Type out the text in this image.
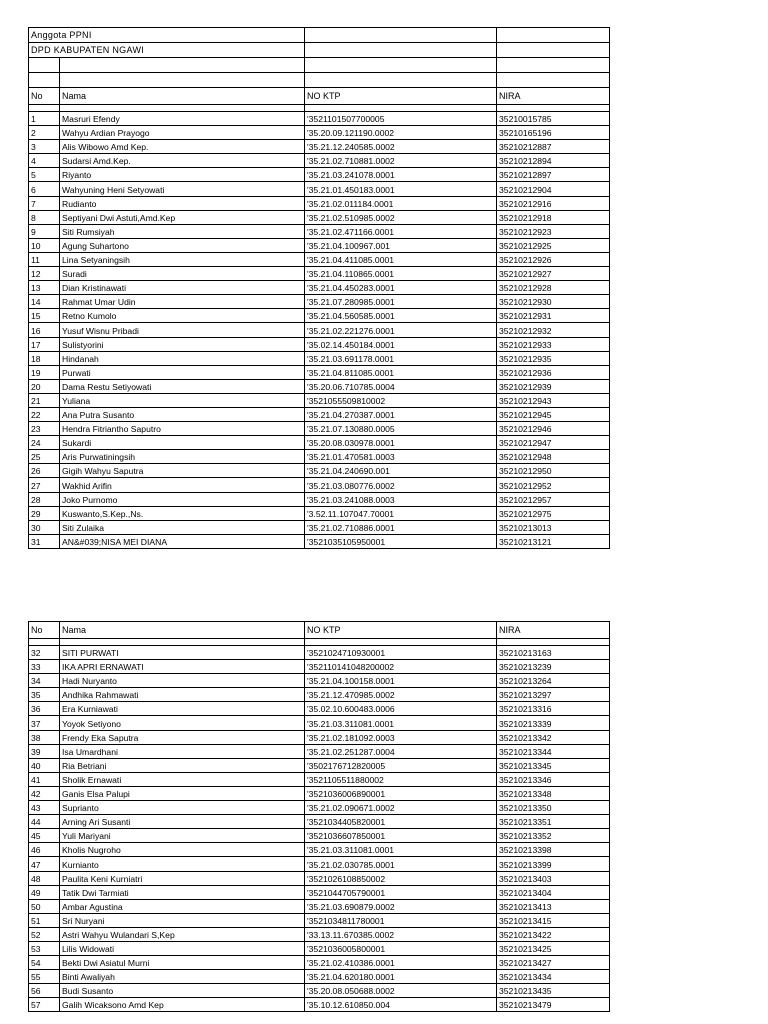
Anggota PPNI			
DPD KABUPATEN NGAWI			

No	Nama	NO KTP	NIRA

1	Masruri Efendy	'3521101507700005	35210015785
2	Wahyu Ardian Prayogo	'35.20.09.121190.0002	35210165196
3	Alis Wibowo Amd Kep.	'35.21.12.240585.0002	35210212887
4	Sudarsi Amd.Kep.	'35.21.02.710881.0002	35210212894
5	Riyanto	'35.21.03.241078.0001	35210212897
6	Wahyuning Heni Setyowati	'35.21.01.450183.0001	35210212904
7	Rudianto	'35.21.02.011184.0001	35210212916
8	Septiyani Dwi Astuti,Amd.Kep	'35.21.02.510985.0002	35210212918
9	Siti Rumsiyah	'35.21.02.471166.0001	35210212923
10	Agung Suhartono	'35.21.04.100967.001	35210212925
11	Lina Setyaningsih	'35.21.04.411085.0001	35210212926
12	Suradi	'35.21.04.110865.0001	35210212927
13	Dian Kristinawati	'35.21.04.450283.0001	35210212928
14	Rahmat Umar Udin	'35.21.07.280985.0001	35210212930
15	Retno Kumolo	'35.21.04.560585.0001	35210212931
16	Yusuf Wisnu Pribadi	'35.21.02.221276.0001	35210212932
17	Sulistyorini	'35.02.14.450184.0001	35210212933
18	Hindanah	'35.21.03.691178.0001	35210212935
19	Purwati	'35.21.04.811085.0001	35210212936
20	Dama Restu Setiyowati	'35.20.06.710785.0004	35210212939
21	Yuliana	'3521055509810002	35210212943
22	Ana Putra Susanto	'35.21.04.270387.0001	35210212945
23	Hendra Fitriantho Saputro	'35.21.07.130880.0005	35210212946
24	Sukardi	'35.20.08.030978.0001	35210212947
25	Aris Purwatiningsih	'35.21.01.470581.0003	35210212948
26	Gigih Wahyu Saputra	'35.21.04.240690.001	35210212950
27	Wakhid Arifin	'35.21.03.080776.0002	35210212952
28	Joko Purnomo	'35.21.03.241088.0003	35210212957
29	Kuswanto,S.Kep.,Ns.	'3.52.11.107047.70001	35210212975
30	Siti Zulaika	'35.21.02.710886.0001	35210213013
31	AN&#039;NISA MEI DIANA	'3521035105950001	35210213121
No	Nama	NO KTP	NIRA

32	SITI PURWATI	'3521024710930001	35210213163
33	IKA APRI ERNAWATI	'352110141048200002	35210213239
34	Hadi Nuryanto	'35.21.04.100158.0001	35210213264
35	Andhika Rahmawati	'35.21.12.470985.0002	35210213297
36	Era Kurniawati	'35.02.10.600483.0006	35210213316
37	Yoyok Setiyono	'35.21.03.311081.0001	35210213339
38	Frendy Eka Saputra	'35.21.02.181092.0003	35210213342
39	Isa Umardhani	'35.21.02.251287.0004	35210213344
40	Ria Betriani	'3502176712820005	35210213345
41	Sholik Ernawati	'3521105511880002	35210213346
42	Ganis Elsa Palupi	'3521036006890001	35210213348
43	Suprianto	'35.21.02.090671.0002	35210213350
44	Arning Ari Susanti	'3521034405820001	35210213351
45	Yuli Mariyani	'3521036607850001	35210213352
46	Kholis Nugroho	'35.21.03.311081.0001	35210213398
47	Kurnianto	'35.21.02.030785.0001	35210213399
48	Paulita Keni Kurniatri	'3521026108850002	35210213403
49	Tatik Dwi Tarmiati	'3521044705790001	35210213404
50	Ambar Agustina	'35.21.03.690879.0002	35210213413
51	Sri Nuryani	'3521034811780001	35210213415
52	Astri Wahyu Wulandari S,Kep	'33.13.11.670385.0002	35210213422
53	Lilis Widowati	'3521036005800001	35210213425
54	Bekti Dwi Asiatul Murni	'35.21.02.410386.0001	35210213427
55	Binti Awaliyah	'35.21.04.620180.0001	35210213434
56	Budi Susanto	'35.20.08.050688.0002	35210213435
57	Galih Wicaksono Amd Kep	'35.10.12.610850.004	35210213479
